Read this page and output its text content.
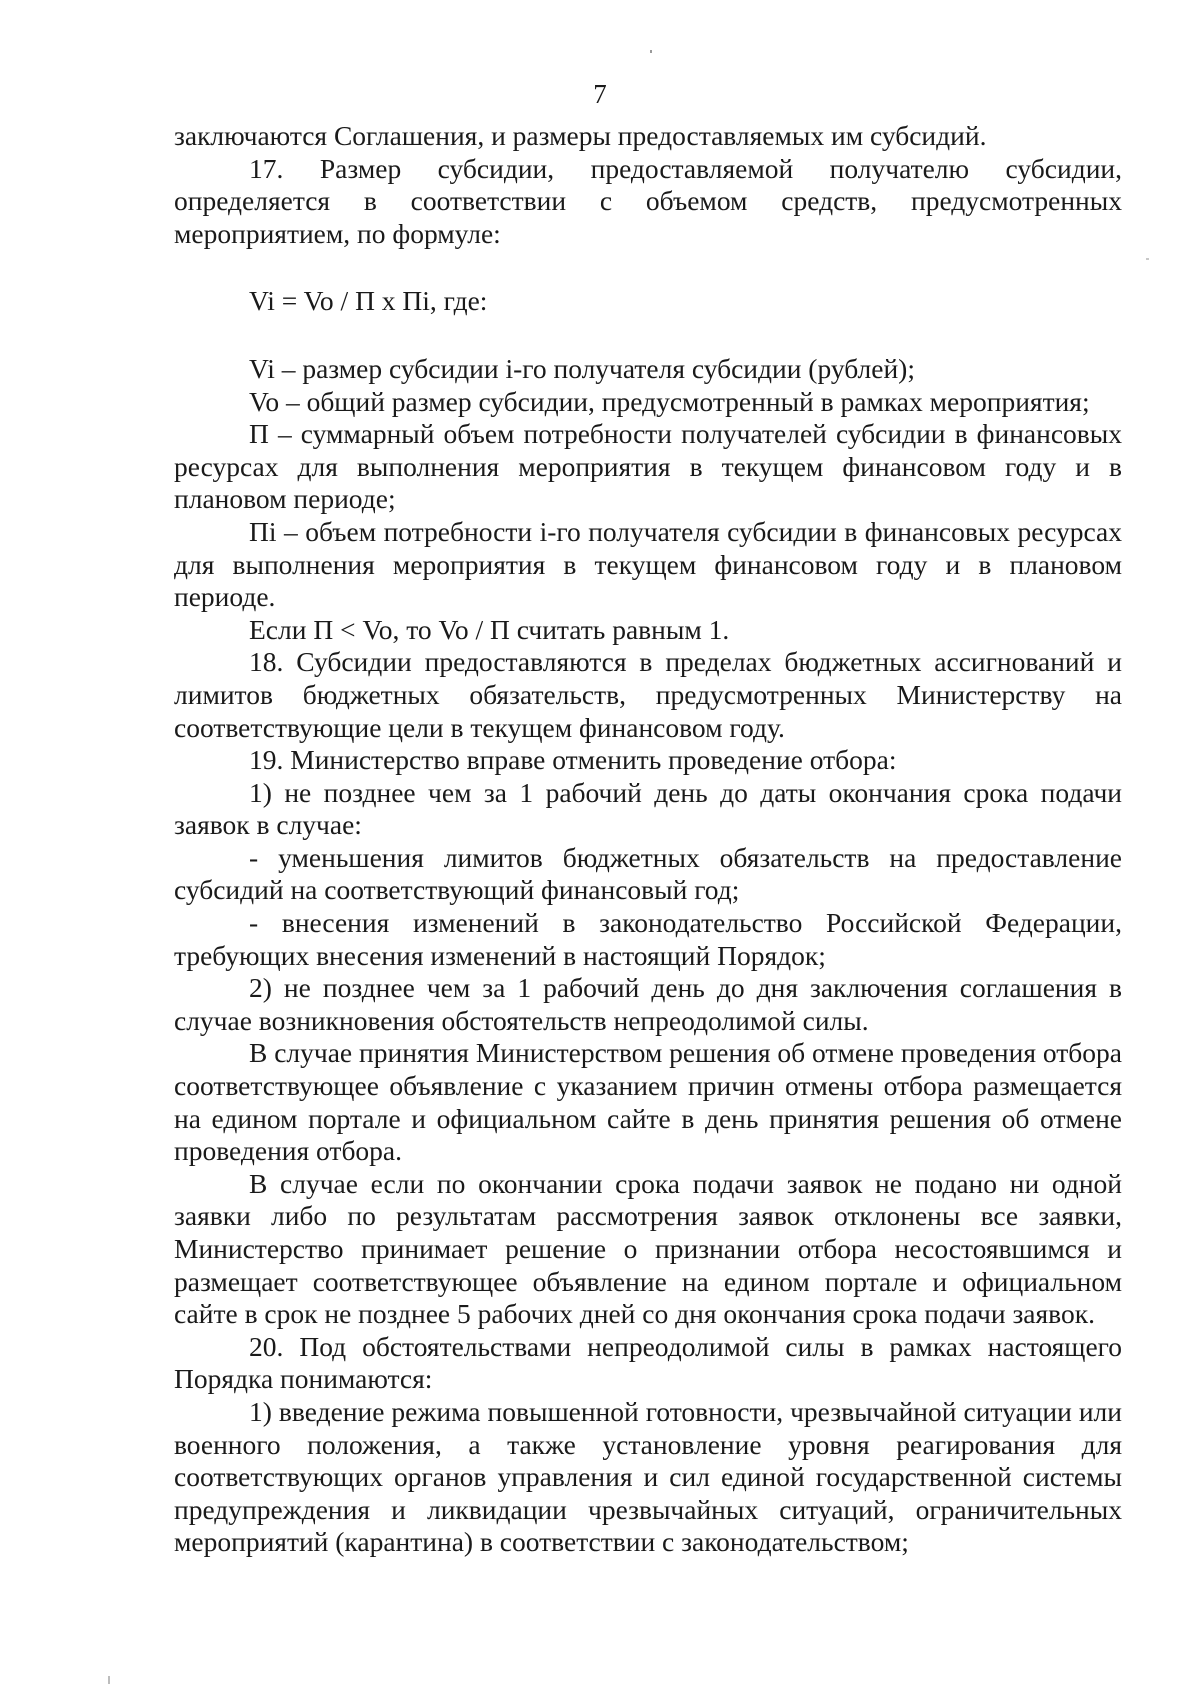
7

заключаются Соглашения, и размеры предоставляемых им субсидий.

17. Размер субсидии, предоставляемой получателю субсидии, определяется в соответствии с объемом средств, предусмотренных мероприятием, по формуле:

Vi = Vo / П x Пi, где:

Vi – размер субсидии i-го получателя субсидии (рублей);

Vo – общий размер субсидии, предусмотренный в рамках мероприятия;

П – суммарный объем потребности получателей субсидии в финансовых ресурсах для выполнения мероприятия в текущем финансовом году и в плановом периоде;

Пi – объем потребности i-го получателя субсидии в финансовых ресурсах для выполнения мероприятия в текущем финансовом году и в плановом периоде.

Если П < Vo, то Vo / П считать равным 1.

18. Субсидии предоставляются в пределах бюджетных ассигнований и лимитов бюджетных обязательств, предусмотренных Министерству на соответствующие цели в текущем финансовом году.

19. Министерство вправе отменить проведение отбора:

1) не позднее чем за 1 рабочий день до даты окончания срока подачи заявок в случае:

- уменьшения лимитов бюджетных обязательств на предоставление субсидий на соответствующий финансовый год;

- внесения изменений в законодательство Российской Федерации, требующих внесения изменений в настоящий Порядок;

2) не позднее чем за 1 рабочий день до дня заключения соглашения в случае возникновения обстоятельств непреодолимой силы.

В случае принятия Министерством решения об отмене проведения отбора соответствующее объявление с указанием причин отмены отбора размещается на едином портале и официальном сайте в день принятия решения об отмене проведения отбора.

В случае если по окончании срока подачи заявок не подано ни одной заявки либо по результатам рассмотрения заявок отклонены все заявки, Министерство принимает решение о признании отбора несостоявшимся и размещает соответствующее объявление на едином портале и официальном сайте в срок не позднее 5 рабочих дней со дня окончания срока подачи заявок.

20. Под обстоятельствами непреодолимой силы в рамках настоящего Порядка понимаются:

1) введение режима повышенной готовности, чрезвычайной ситуации или военного положения, а также установление уровня реагирования для соответствующих органов управления и сил единой государственной системы предупреждения и ликвидации чрезвычайных ситуаций, ограничительных мероприятий (карантина) в соответствии с законодательством;
